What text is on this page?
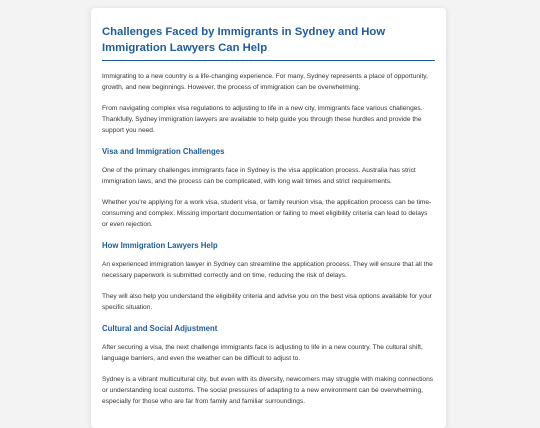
Challenges Faced by Immigrants in Sydney and How Immigration Lawyers Can Help

Immigrating to a new country is a life-changing experience. For many, Sydney represents a place of opportunity, growth, and new beginnings. However, the process of immigration can be overwhelming.

From navigating complex visa regulations to adjusting to life in a new city, immigrants face various challenges. Thankfully, Sydney immigration lawyers are available to help guide you through these hurdles and provide the support you need.

Visa and Immigration Challenges

One of the primary challenges immigrants face in Sydney is the visa application process. Australia has strict immigration laws, and the process can be complicated, with long wait times and strict requirements.

Whether you're applying for a work visa, student visa, or family reunion visa, the application process can be time-consuming and complex. Missing important documentation or failing to meet eligibility criteria can lead to delays or even rejection.

How Immigration Lawyers Help

An experienced immigration lawyer in Sydney can streamline the application process. They will ensure that all the necessary paperwork is submitted correctly and on time, reducing the risk of delays.

They will also help you understand the eligibility criteria and advise you on the best visa options available for your specific situation.

Cultural and Social Adjustment

After securing a visa, the next challenge immigrants face is adjusting to life in a new country. The cultural shift, language barriers, and even the weather can be difficult to adjust to.

Sydney is a vibrant multicultural city, but even with its diversity, newcomers may struggle with making connections or understanding local customs. The social pressures of adapting to a new environment can be overwhelming, especially for those who are far from family and familiar surroundings.
